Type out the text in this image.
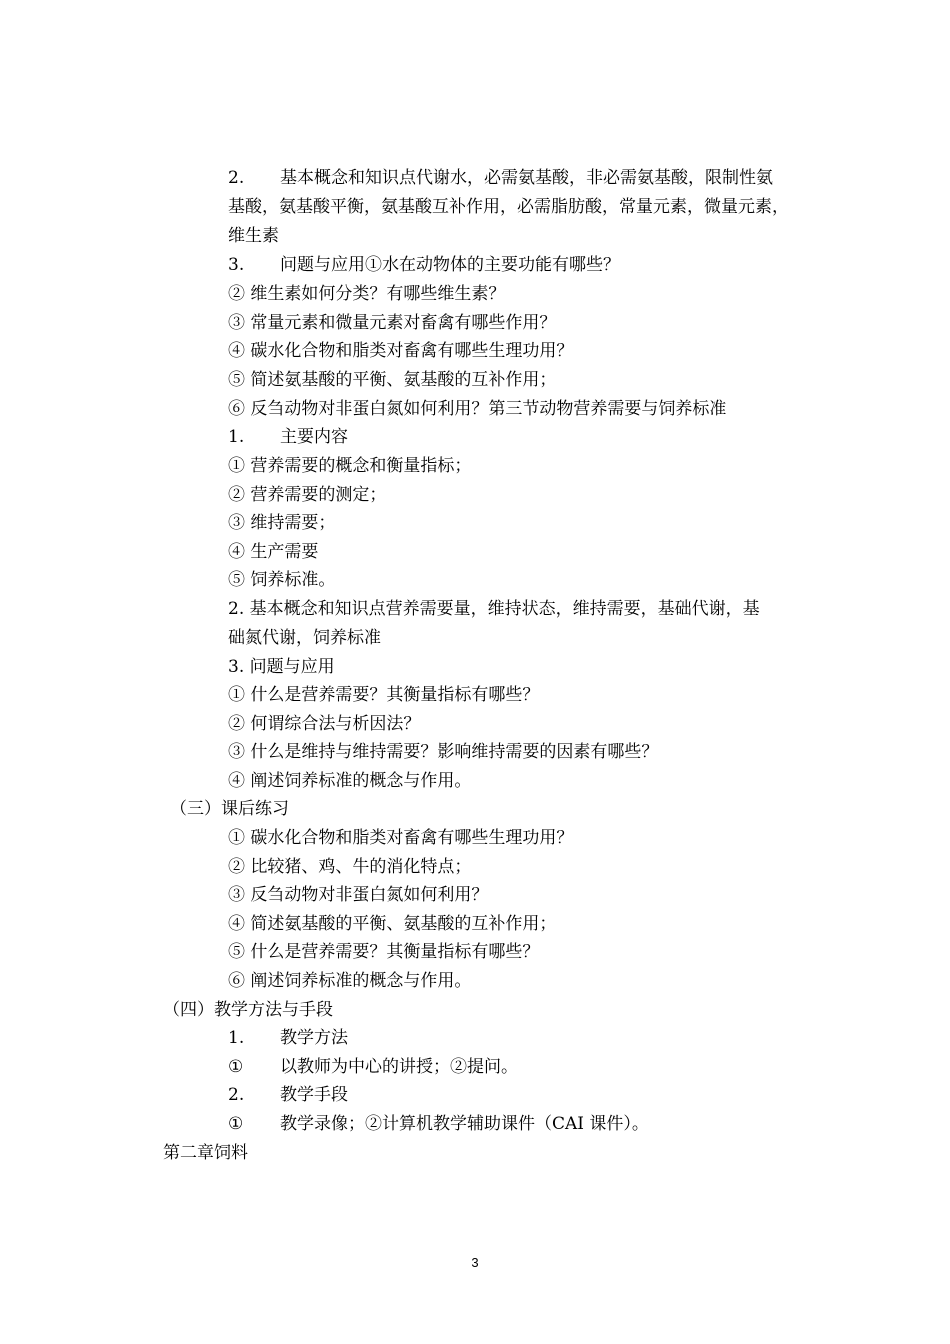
2. 基本概念和知识点代谢水，必需氨基酸，非必需氨基酸，限制性氨
基酸，氨基酸平衡，氨基酸互补作用，必需脂肪酸，常量元素，微量元素，
维生素
3. 问题与应用①水在动物体的主要功能有哪些？
② 维生素如何分类？有哪些维生素？
③ 常量元素和微量元素对畜禽有哪些作用？
④ 碳水化合物和脂类对畜禽有哪些生理功用？
⑤ 简述氨基酸的平衡、氨基酸的互补作用；
⑥ 反刍动物对非蛋白氮如何利用？第三节动物营养需要与饲养标准
1. 主要内容
① 营养需要的概念和衡量指标；
② 营养需要的测定；
③ 维持需要；
④ 生产需要
⑤ 饲养标准。
2. 基本概念和知识点营养需要量，维持状态，维持需要，基础代谢，基
础氮代谢，饲养标准
3. 问题与应用
① 什么是营养需要？其衡量指标有哪些？
② 何谓综合法与析因法？
③ 什么是维持与维持需要？影响维持需要的因素有哪些？
④ 阐述饲养标准的概念与作用。
（三）课后练习
① 碳水化合物和脂类对畜禽有哪些生理功用？
② 比较猪、鸡、牛的消化特点；
③ 反刍动物对非蛋白氮如何利用？
④ 简述氨基酸的平衡、氨基酸的互补作用；
⑤ 什么是营养需要？其衡量指标有哪些？
⑥ 阐述饲养标准的概念与作用。
（四）教学方法与手段
1. 教学方法
① 以教师为中心的讲授；②提问。
2. 教学手段
① 教学录像；②计算机教学辅助课件（CAI 课件）。
第二章饲料
3
